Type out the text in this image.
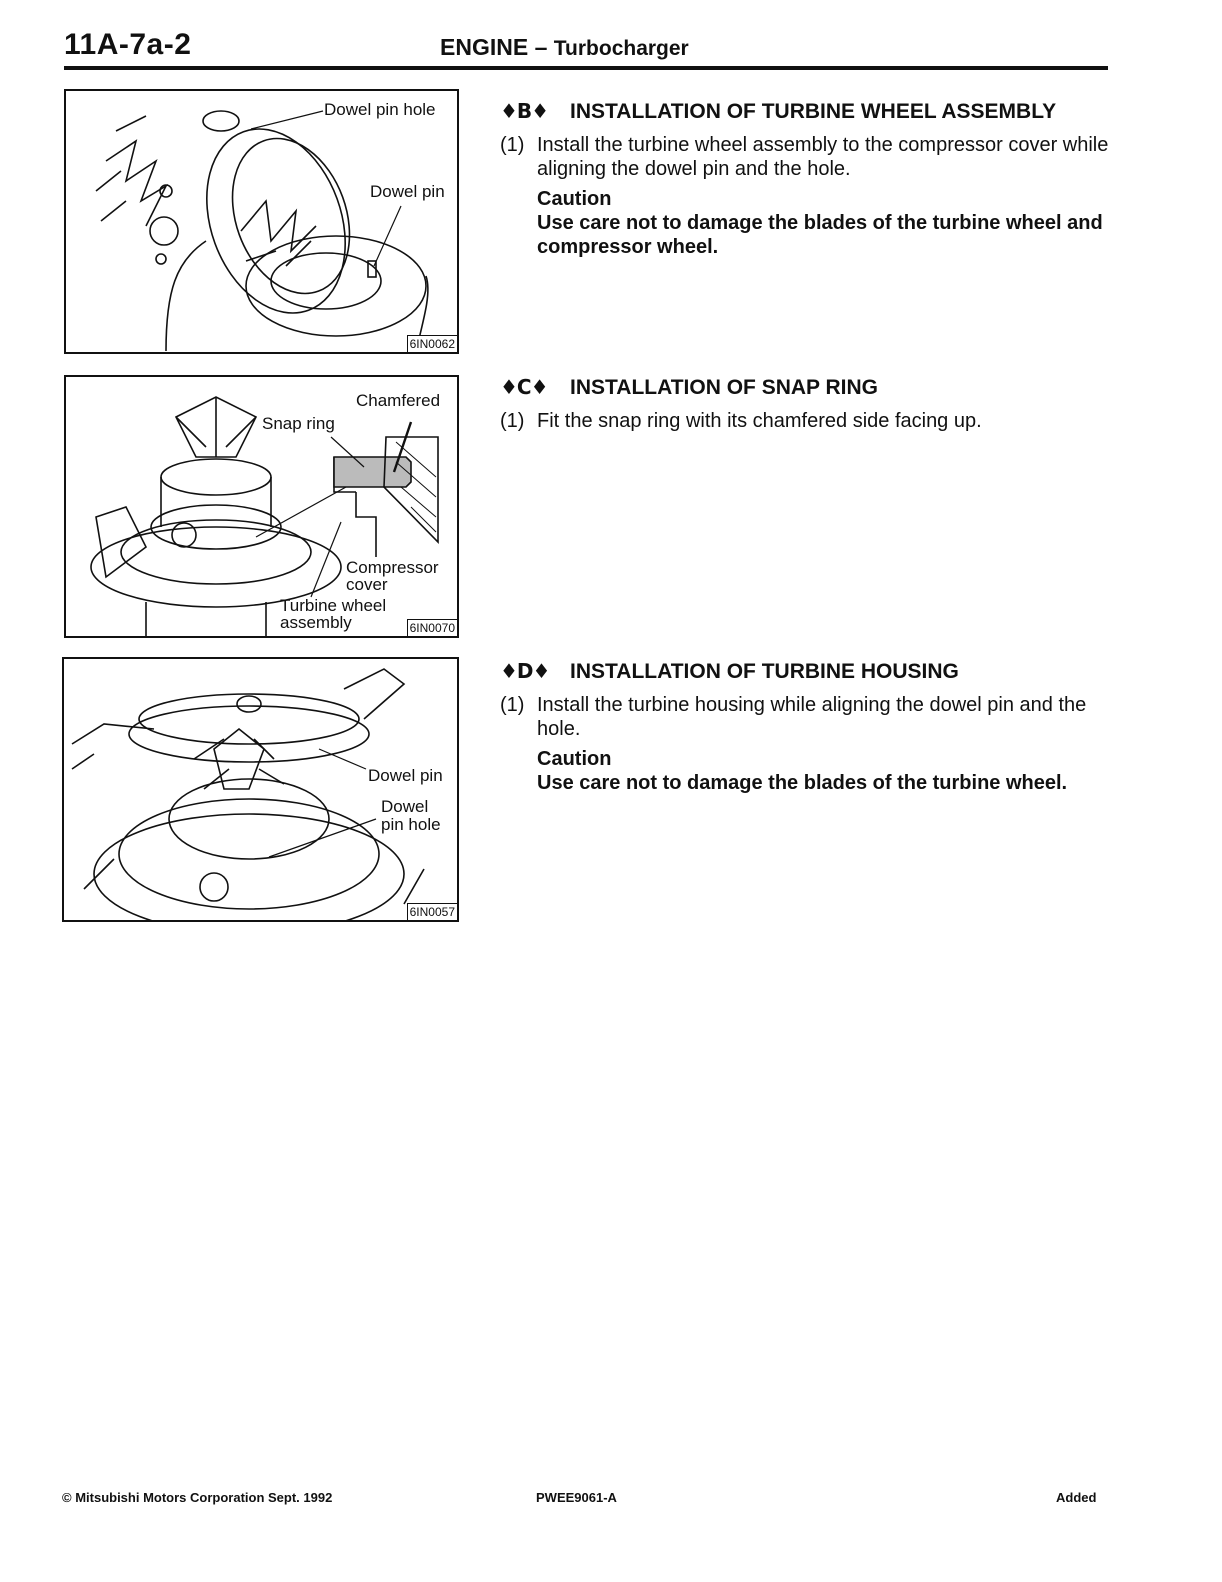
11A-7a-2	ENGINE – Turbocharger
Dowel pin hole
Dowel pin
6IN0062
Chamfered
Snap ring
Compressor
cover
Turbine wheel
assembly	6IN0070
Dowel pin
Dowel
pin hole
6IN0057
♦B♦ INSTALLATION OF TURBINE WHEEL ASSEMBLY
(1) Install the turbine wheel assembly to the compressor cover while aligning the dowel pin and the hole.
Caution
Use care not to damage the blades of the turbine wheel and compressor wheel.
♦C♦ INSTALLATION OF SNAP RING
(1) Fit the snap ring with its chamfered side facing up.
♦D♦ INSTALLATION OF TURBINE HOUSING
(1) Install the turbine housing while aligning the dowel pin and the hole.
Caution
Use care not to damage the blades of the turbine wheel.
© Mitsubishi Motors Corporation Sept. 1992	PWEE9061-A	Added
